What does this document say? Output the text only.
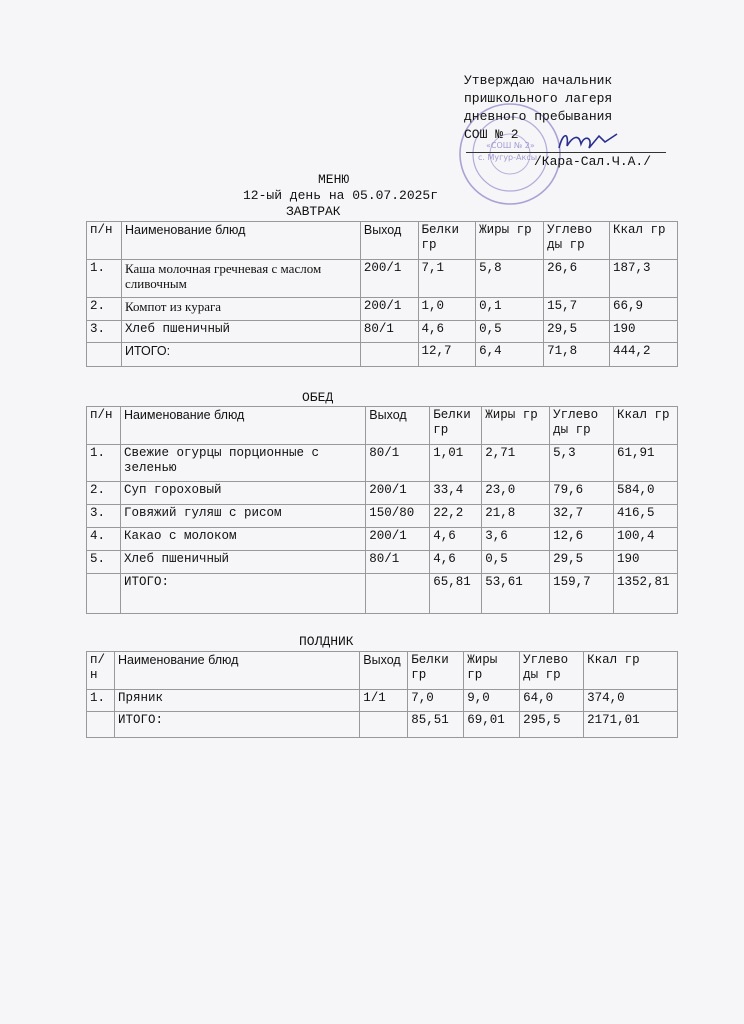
«СОШ № 2»
с. Мугур-Аксы
Утверждаю начальник
пришкольного лагеря
дневного пребывания
СОШ № 2
/Кара-Сал.Ч.А./
МЕНЮ
12-ый день на 05.07.2025г
ЗАВТРАК
п/н	Наименование блюд	Выход	Белки гр	Жиры гр	Углево ды гр	Ккал гр
1.	Каша молочная гречневая с маслом сливочным	200/1	7,1	5,8	26,6	187,3
2.	Компот из курага	200/1	1,0	0,1	15,7	66,9
3.	Хлеб пшеничный	80/1	4,6	0,5	29,5	190
	ИТОГО:		12,7	6,4	71,8	444,2
ОБЕД
п/н	Наименование блюд	Выход	Белки гр	Жиры гр	Углево ды гр	Ккал гр
1.	Свежие огурцы порционные с зеленью	80/1	1,01	2,71	5,3	61,91
2.	Суп гороховый	200/1	33,4	23,0	79,6	584,0
3.	Говяжий гуляш с рисом	150/80	22,2	21,8	32,7	416,5
4.	Какао с молоком	200/1	4,6	3,6	12,6	100,4
5.	Хлеб пшеничный	80/1	4,6	0,5	29,5	190
	ИТОГО:		65,81	53,61	159,7	1352,81
ПОЛДНИК
п/н	Наименование блюд	Выход	Белки гр	Жиры гр	Углево ды гр	Ккал гр
1.	Пряник	1/1	7,0	9,0	64,0	374,0
	ИТОГО:		85,51	69,01	295,5	2171,01
